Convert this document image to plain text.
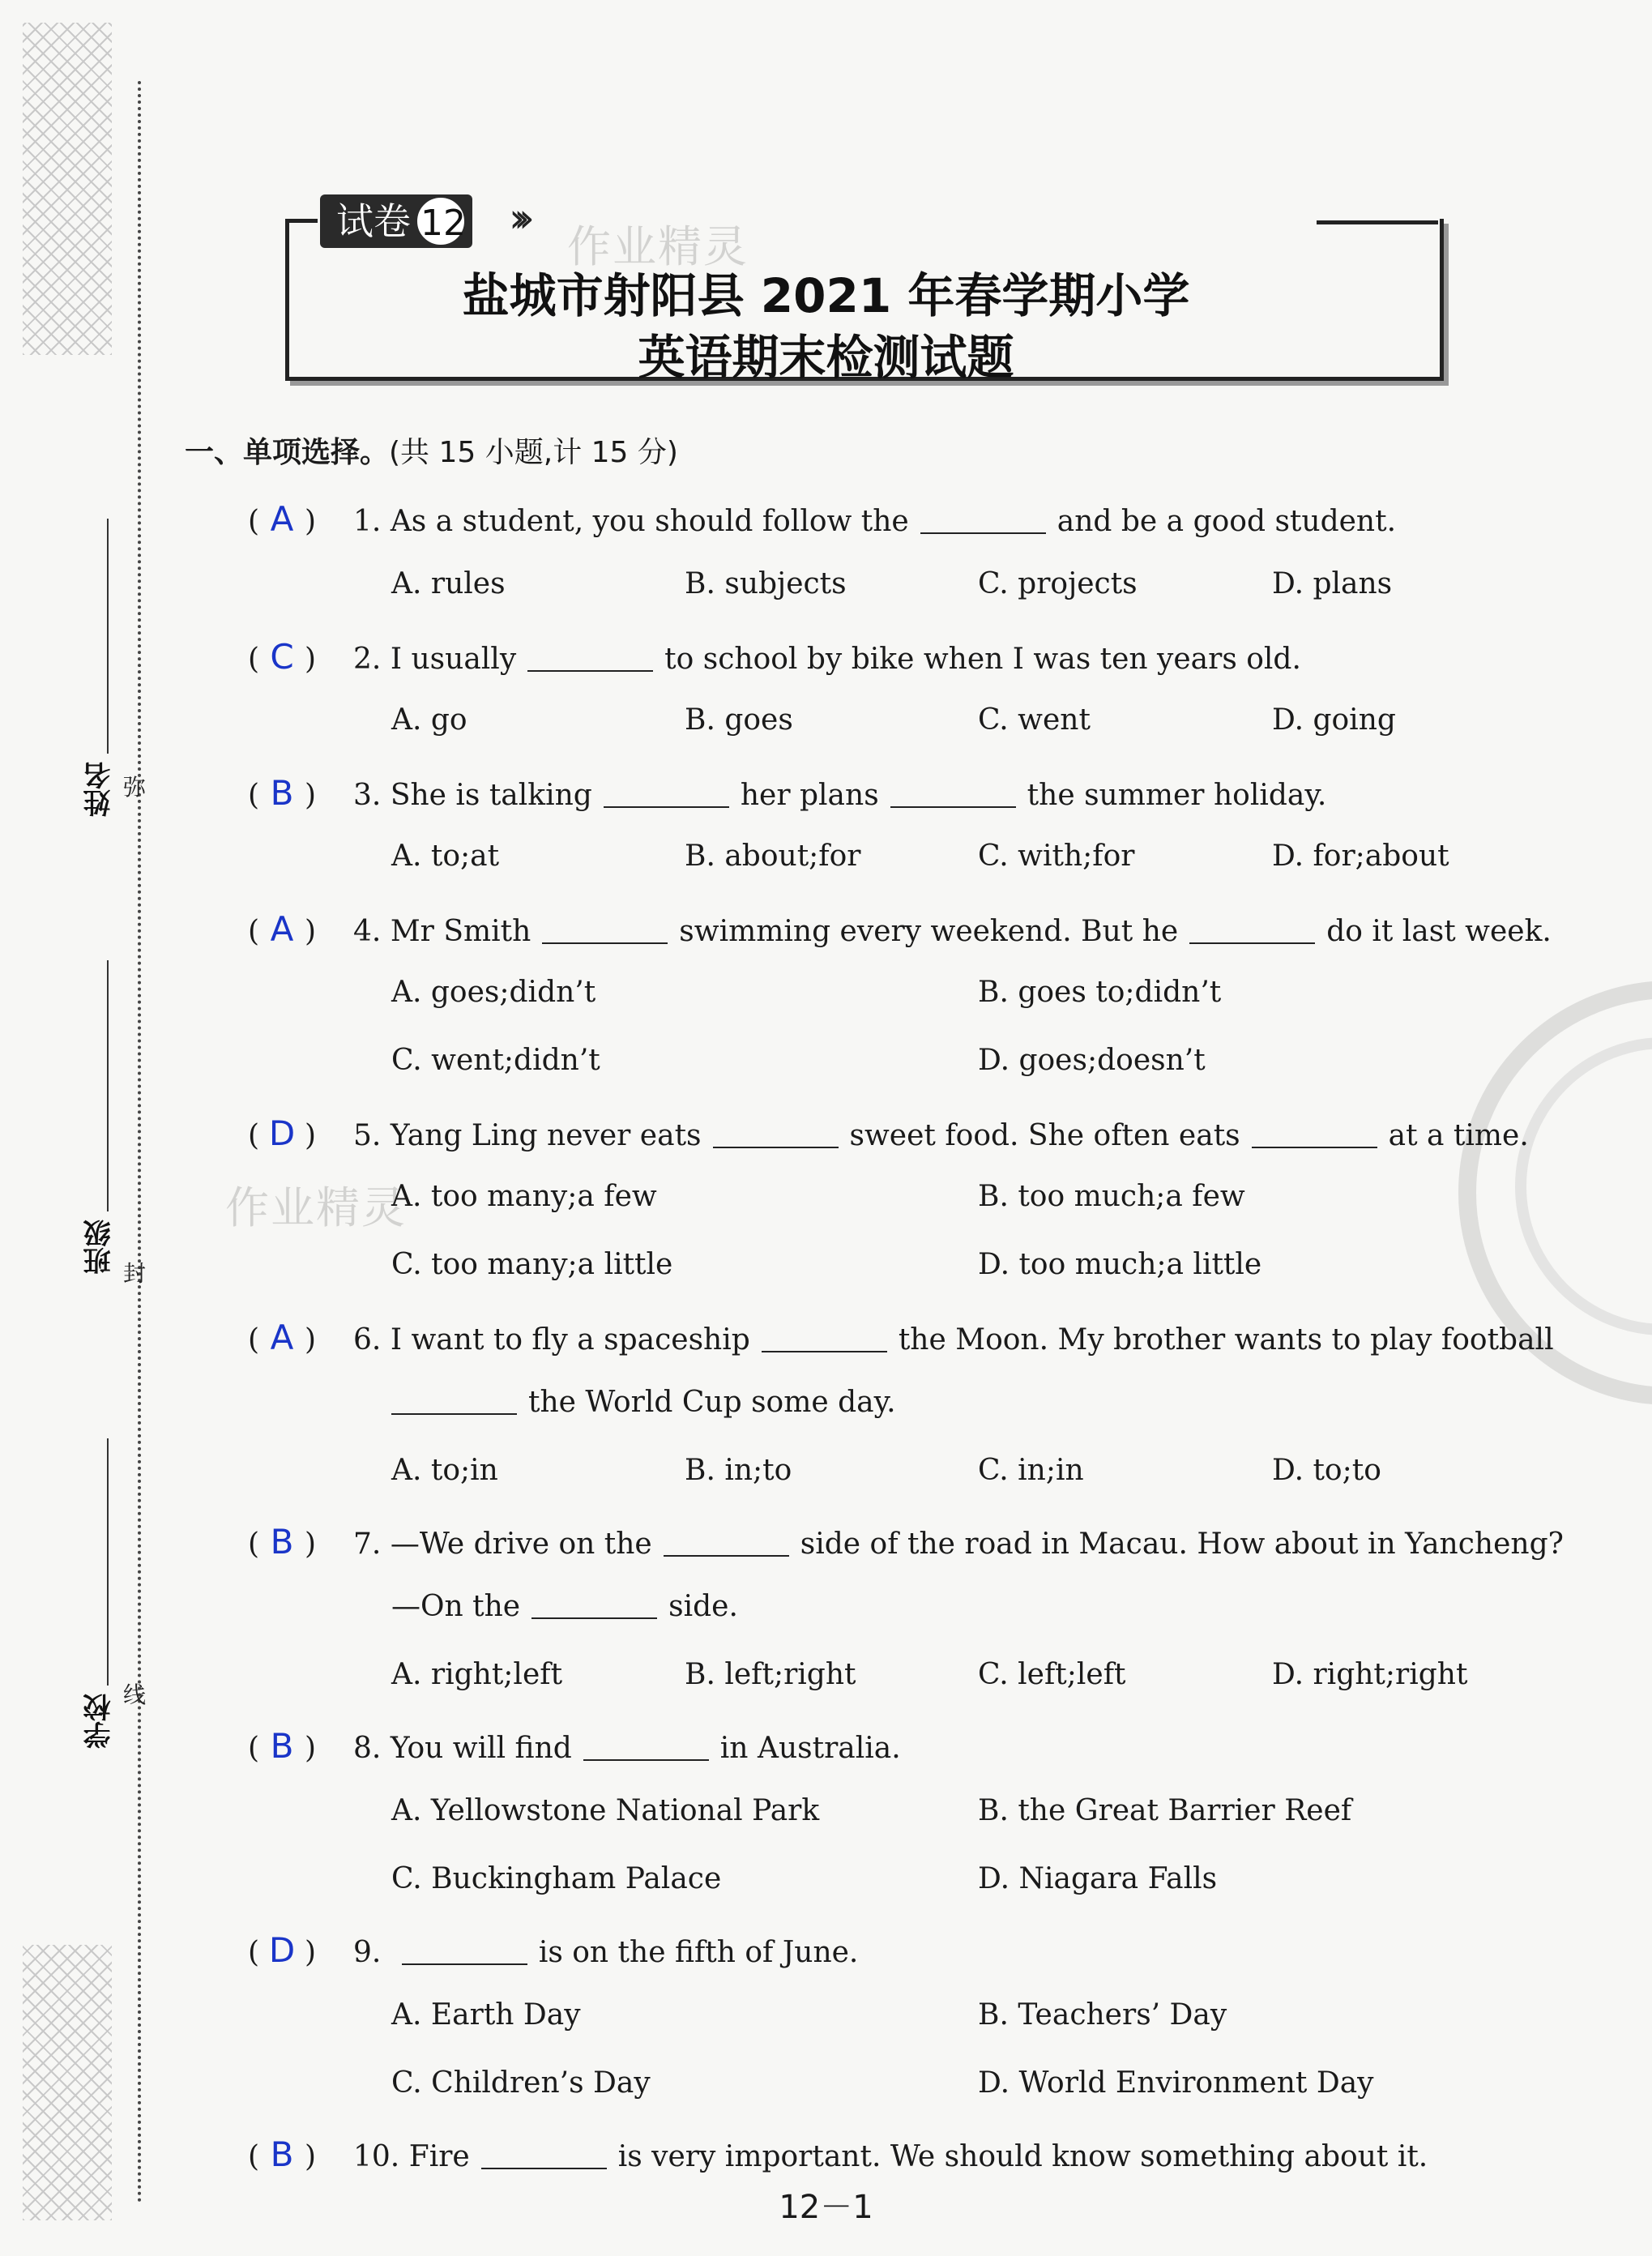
姓名 弥
班级 封
学校 线
试卷 12 ›››
作业精灵
盐城市射阳县 2021 年春学期小学
英语期末检测试题
一、单项选择。(共 15 小题,计 15 分)
( A ) 1. As a student, you should follow the	and be a good student.
A. rules	B. subjects	C. projects	D. plans
( C ) 2. I usually	to school by bike when I was ten years old.
A. go	B. goes	C. went	D. going
( B ) 3. She is talking	her plans	the summer holiday.
A. to;at	B. about;for	C. with;for	D. for;about
( A ) 4. Mr Smith	swimming every weekend. But he	do it last week.
A. goes;didn’t	B. goes to;didn’t
C. went;didn’t	D. goes;doesn’t
( D ) 5. Yang Ling never eats	sweet food. She often eats	at a time.
作业精灵
A. too many;a few	B. too much;a few
C. too many;a little	D. too much;a little
( A ) 6. I want to fly a spaceship	the Moon. My brother wants to play football
the World Cup some day.
A. to;in	B. in;to	C. in;in	D. to;to
( B ) 7. —We drive on the	side of the road in Macau. How about in Yancheng?
—On the	side.
A. right;left	B. left;right	C. left;left	D. right;right
( B ) 8. You will find	in Australia.
A. Yellowstone National Park	B. the Great Barrier Reef
C. Buckingham Palace	D. Niagara Falls
( D ) 9.	is on the fifth of June.
A. Earth Day	B. Teachers’ Day
C. Children’s Day	D. World Environment Day
( B ) 10. Fire	is very important. We should know something about it.
12－1
